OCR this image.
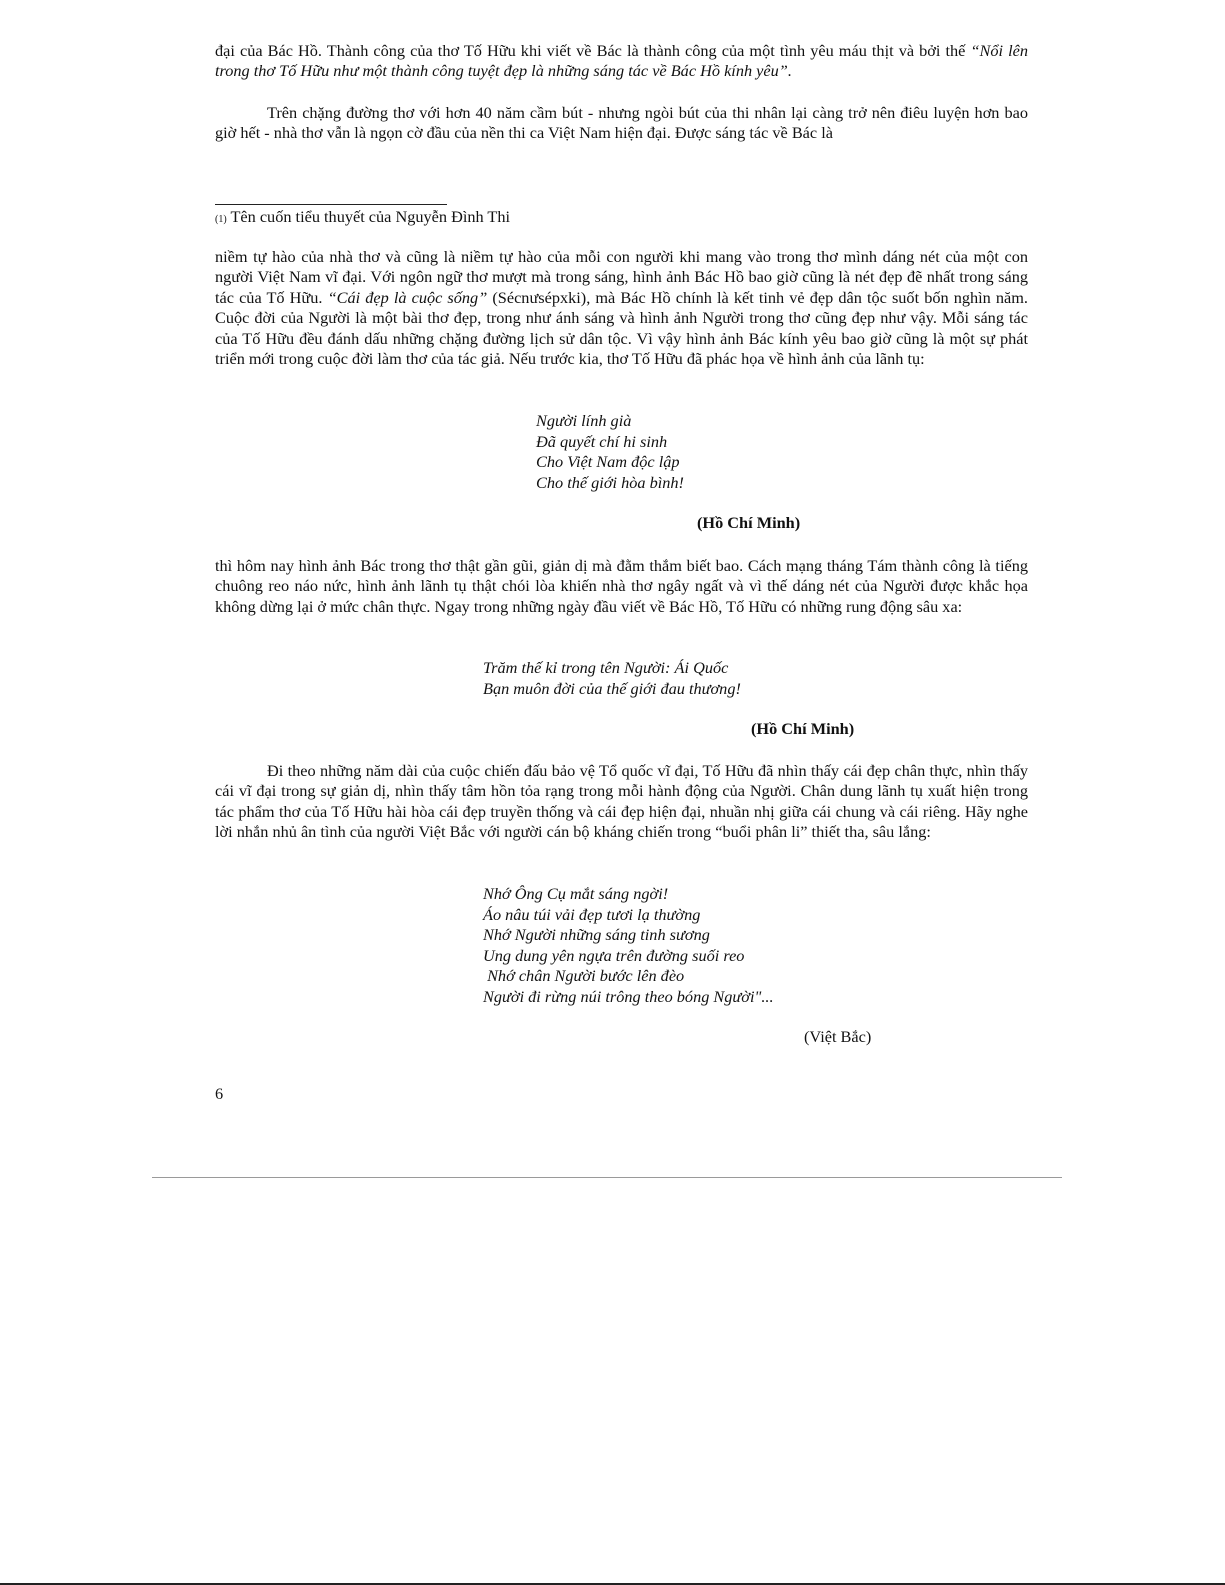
đại của Bác Hồ. Thành công của thơ Tố Hữu khi viết về Bác là thành công của một tình yêu máu thịt và bởi thế “Nổi lên trong thơ Tố Hữu như một thành công tuyệt đẹp là những sáng tác về Bác Hồ kính yêu”.
Trên chặng đường thơ với hơn 40 năm cầm bút - nhưng ngòi bút của thi nhân lại càng trở nên điêu luyện hơn bao giờ hết - nhà thơ vẫn là ngọn cờ đầu của nền thi ca Việt Nam hiện đại. Được sáng tác về Bác là
(1) Tên cuốn tiểu thuyết của Nguyễn Đình Thi
niềm tự hào của nhà thơ và cũng là niềm tự hào của mỗi con người khi mang vào trong thơ mình dáng nét của một con người Việt Nam vĩ đại. Với ngôn ngữ thơ mượt mà trong sáng, hình ảnh Bác Hồ bao giờ cũng là nét đẹp đẽ nhất trong sáng tác của Tố Hữu. “Cái đẹp là cuộc sống” (Sécnưsépxki), mà Bác Hồ chính là kết tinh vẻ đẹp dân tộc suốt bốn nghìn năm. Cuộc đời của Người là một bài thơ đẹp, trong như ánh sáng và hình ảnh Người trong thơ cũng đẹp như vậy. Mỗi sáng tác của Tố Hữu đều đánh dấu những chặng đường lịch sử dân tộc. Vì vậy hình ảnh Bác kính yêu bao giờ cũng là một sự phát triển mới trong cuộc đời làm thơ của tác giả. Nếu trước kia, thơ Tố Hữu đã phác họa về hình ảnh của lãnh tụ:
Người lính già
Đã quyết chí hi sinh
Cho Việt Nam độc lập
Cho thế giới hòa bình!
(Hồ Chí Minh)
thì hôm nay hình ảnh Bác trong thơ thật gần gũi, giản dị mà đằm thắm biết bao. Cách mạng tháng Tám thành công là tiếng chuông reo náo nức, hình ảnh lãnh tụ thật chói lòa khiến nhà thơ ngây ngất và vì thế dáng nét của Người được khắc họa không dừng lại ở mức chân thực. Ngay trong những ngày đầu viết về Bác Hồ, Tố Hữu có những rung động sâu xa:
Trăm thế kỉ trong tên Người: Ái Quốc
Bạn muôn đời của thế giới đau thương!
(Hồ Chí Minh)
Đi theo những năm dài của cuộc chiến đấu bảo vệ Tổ quốc vĩ đại, Tố Hữu đã nhìn thấy cái đẹp chân thực, nhìn thấy cái vĩ đại trong sự giản dị, nhìn thấy tâm hồn tỏa rạng trong mỗi hành động của Người. Chân dung lãnh tụ xuất hiện trong tác phẩm thơ của Tố Hữu hài hòa cái đẹp truyền thống và cái đẹp hiện đại, nhuần nhị giữa cái chung và cái riêng. Hãy nghe lời nhắn nhủ ân tình của người Việt Bắc với người cán bộ kháng chiến trong “buổi phân li” thiết tha, sâu lắng:
Nhớ Ông Cụ mắt sáng ngời!
Áo nâu túi vải đẹp tươi lạ thường
Nhớ Người những sáng tinh sương
Ung dung yên ngựa trên đường suối reo
Nhớ chân Người bước lên đèo
Người đi rừng núi trông theo bóng Người"...
(Việt Bắc)
6
